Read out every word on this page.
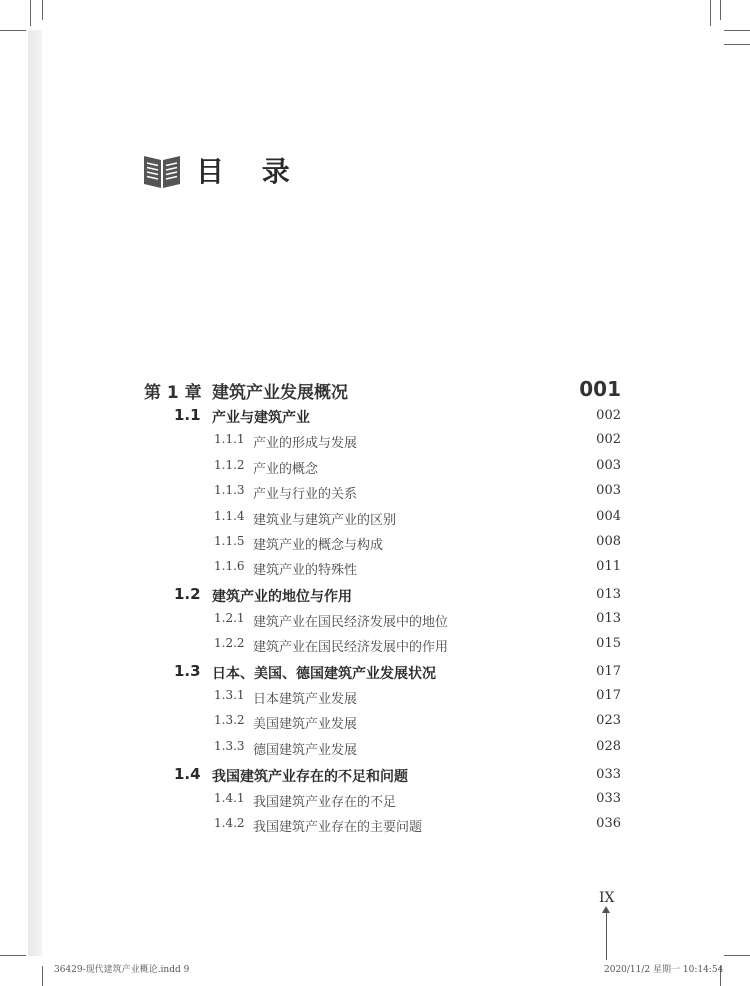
目 录
第 1 章 建筑产业发展概况	001
1.1 产业与建筑产业	002
1.1.1 产业的形成与发展	002
1.1.2 产业的概念	003
1.1.3 产业与行业的关系	003
1.1.4 建筑业与建筑产业的区别	004
1.1.5 建筑产业的概念与构成	008
1.1.6 建筑产业的特殊性	011
1.2 建筑产业的地位与作用	013
1.2.1 建筑产业在国民经济发展中的地位	013
1.2.2 建筑产业在国民经济发展中的作用	015
1.3 日本、美国、德国建筑产业发展状况	017
1.3.1 日本建筑产业发展	017
1.3.2 美国建筑产业发展	023
1.3.3 德国建筑产业发展	028
1.4 我国建筑产业存在的不足和问题	033
1.4.1 我国建筑产业存在的不足	033
1.4.2 我国建筑产业存在的主要问题	036
IX
36429-现代建筑产业概论.indd 9	2020/11/2 星期一 10:14:54
